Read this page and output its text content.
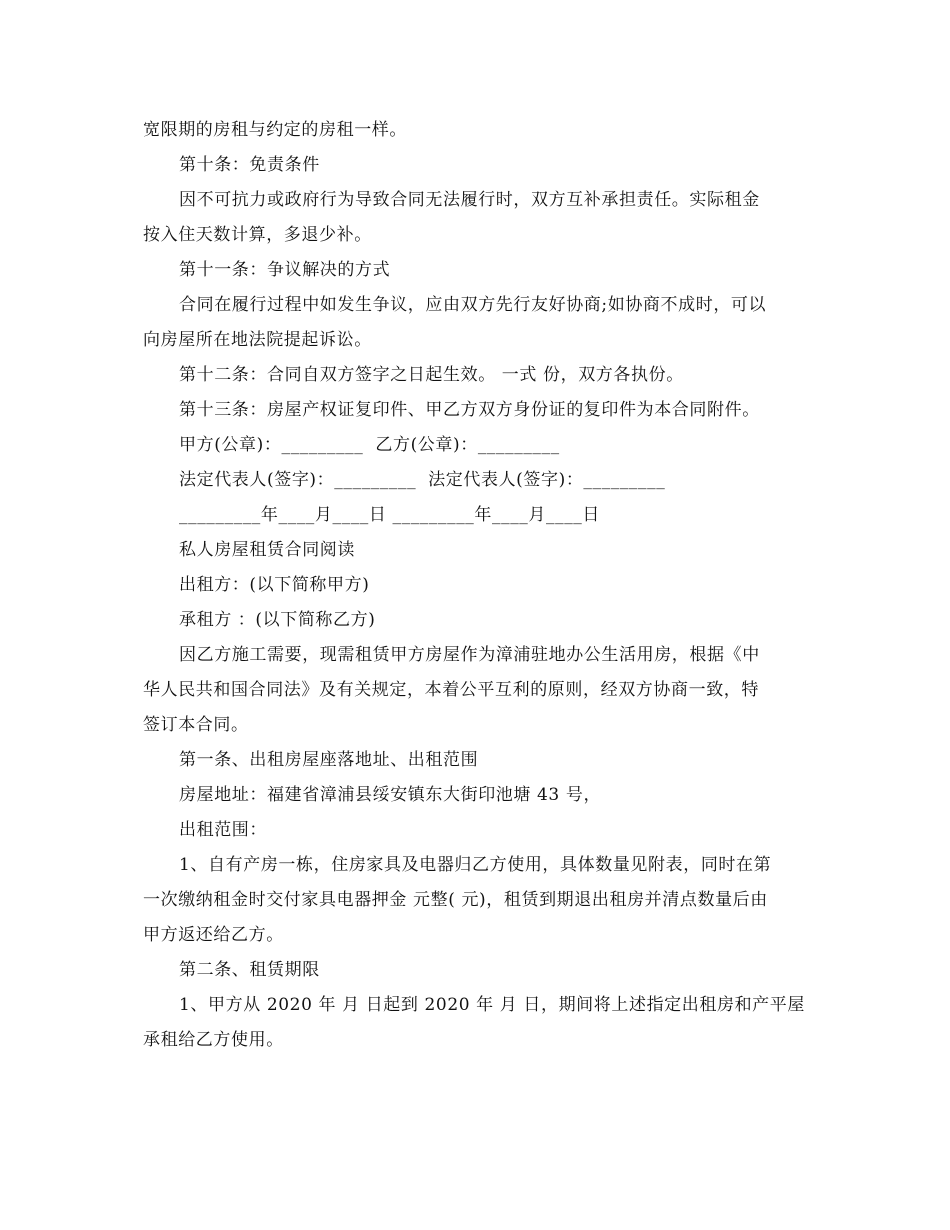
宽限期的房租与约定的房租一样。
第十条：免责条件
因不可抗力或政府行为导致合同无法履行时，双方互补承担责任。实际租金
按入住天数计算，多退少补。
第十一条：争议解决的方式
合同在履行过程中如发生争议，应由双方先行友好协商;如协商不成时，可以
向房屋所在地法院提起诉讼。
第十二条：合同自双方签字之日起生效。 一式 份，双方各执份。
第十三条：房屋产权证复印件、甲乙方双方身份证的复印件为本合同附件。
甲方(公章)：_________  乙方(公章)：_________
法定代表人(签字)：_________  法定代表人(签字)：_________
_________年____月____日 _________年____月____日
私人房屋租赁合同阅读
出租方：(以下简称甲方)
承租方 ：(以下简称乙方)
因乙方施工需要，现需租赁甲方房屋作为漳浦驻地办公生活用房，根据《中
华人民共和国合同法》及有关规定，本着公平互利的原则，经双方协商一致，特
签订本合同。
第一条、出租房屋座落地址、出租范围
房屋地址：福建省漳浦县绥安镇东大街印池塘 43 号，
出租范围：
1、自有产房一栋，住房家具及电器归乙方使用，具体数量见附表，同时在第
一次缴纳租金时交付家具电器押金 元整( 元)，租赁到期退出租房并清点数量后由
甲方返还给乙方。
第二条、租赁期限
1、甲方从 2020 年 月 日起到 2020 年 月 日，期间将上述指定出租房和产平屋
承租给乙方使用。
